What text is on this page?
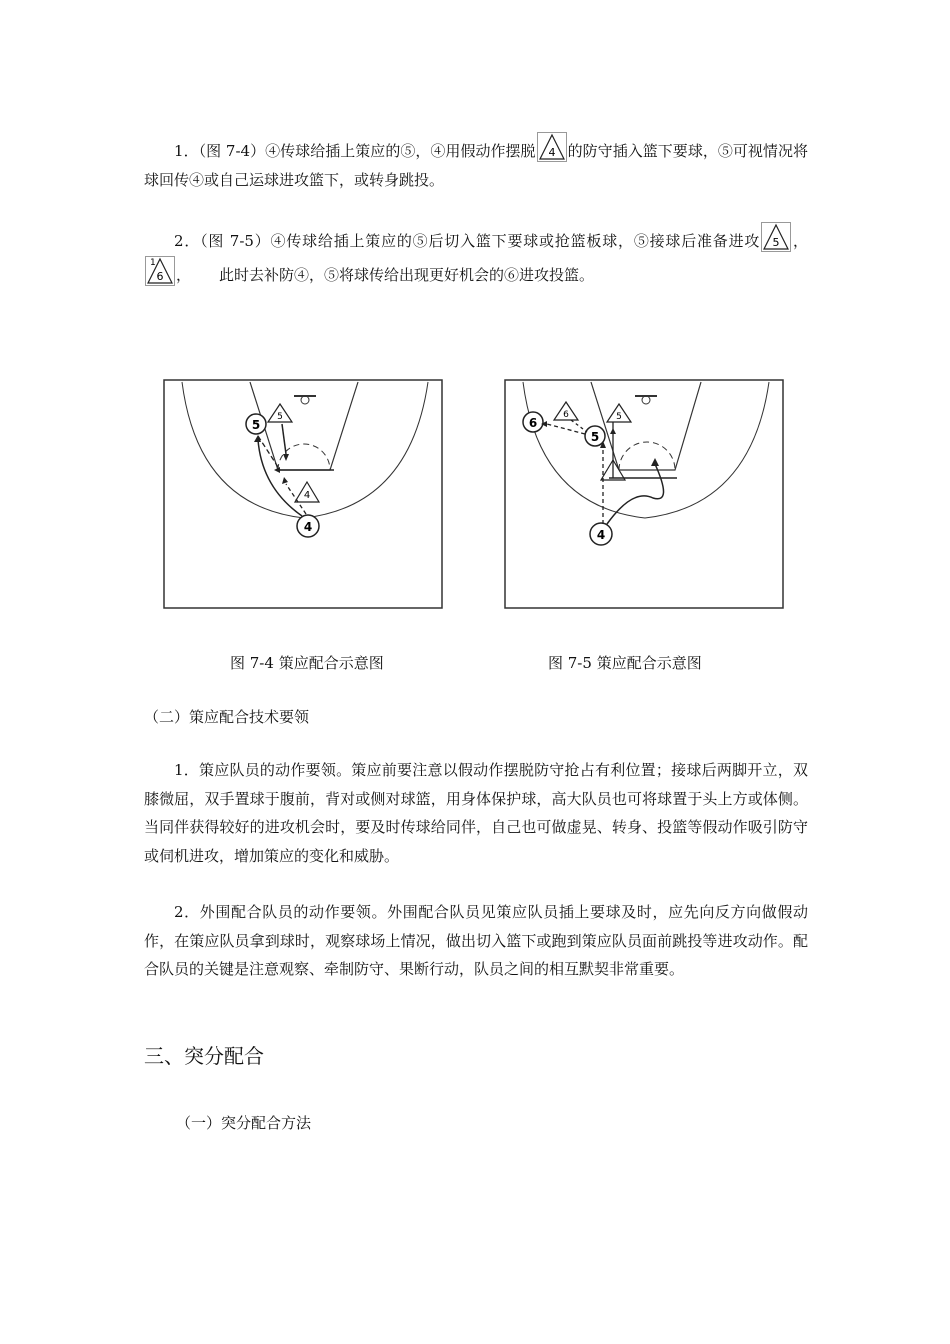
1．（图 7-4）④传球给插上策应的⑤，④用假动作摆脱 4 的防守插入篮下要球，⑤可视情况将球回传④或自己运球进攻篮下，或转身跳投。

2．（图 7-5）④传球给插上策应的⑤后切入篮下要球或抢篮板球，⑤接球后准备进攻 5 ，
6
1
， 此时去补防④，⑤将球传给出现更好机会的⑥进攻投篮。

5
5
4
4
6
6	5
5
4
图 7-4 策应配合示意图	图 7-5 策应配合示意图

（二）策应配合技术要领

1．策应队员的动作要领。策应前要注意以假动作摆脱防守抢占有利位置；接球后两脚开立，双膝微屈，双手置球于腹前，背对或侧对球篮，用身体保护球，高大队员也可将球置于头上方或体侧。当同伴获得较好的进攻机会时，要及时传球给同伴，自己也可做虚晃、转身、投篮等假动作吸引防守或伺机进攻，增加策应的变化和威胁。

2．外围配合队员的动作要领。外围配合队员见策应队员插上要球及时，应先向反方向做假动作，在策应队员拿到球时，观察球场上情况，做出切入篮下或跑到策应队员面前跳投等进攻动作。配合队员的关键是注意观察、牵制防守、果断行动，队员之间的相互默契非常重要。

三、突分配合

（一）突分配合方法
